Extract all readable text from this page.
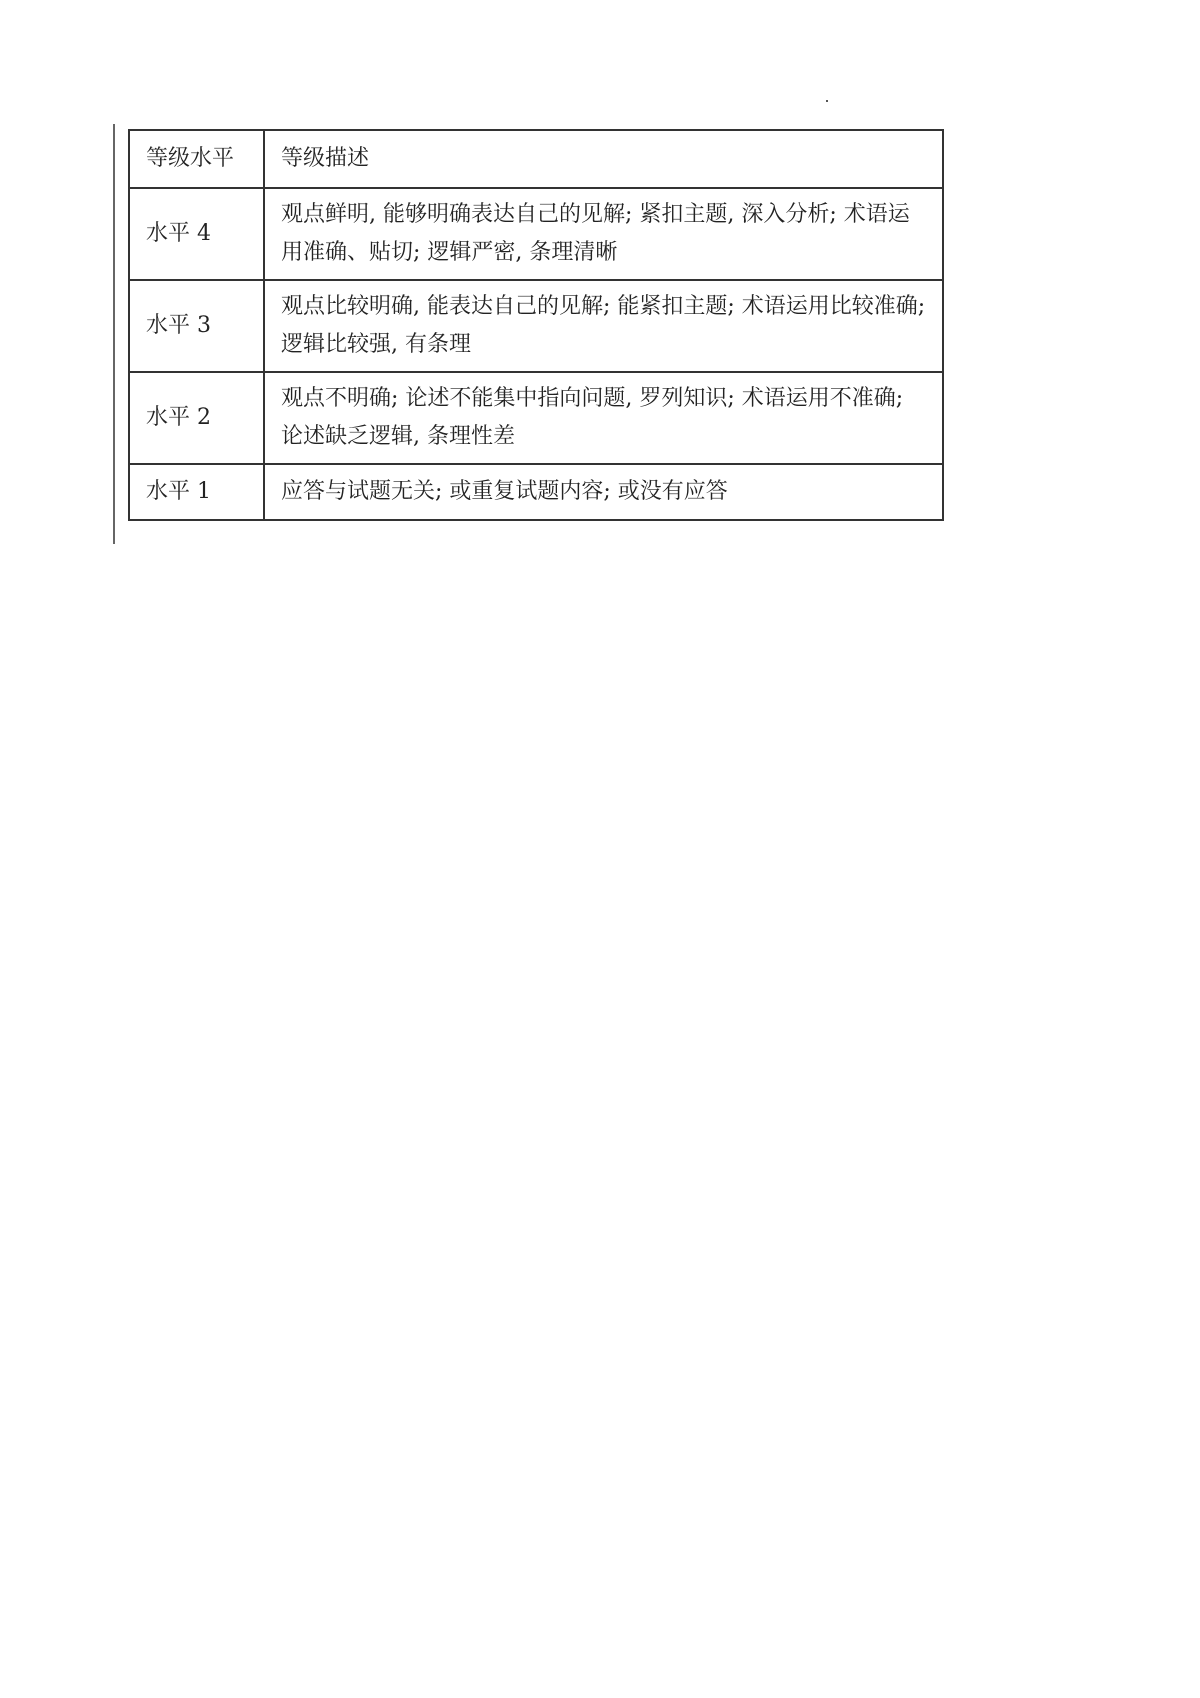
等级水平	等级描述
水平 4	观点鲜明, 能够明确表达自己的见解; 紧扣主题, 深入分析; 术语运用准确、贴切; 逻辑严密, 条理清晰
水平 3	观点比较明确, 能表达自己的见解; 能紧扣主题; 术语运用比较准确; 逻辑比较强, 有条理
水平 2	观点不明确; 论述不能集中指向问题, 罗列知识; 术语运用不准确; 论述缺乏逻辑, 条理性差
水平 1	应答与试题无关; 或重复试题内容; 或没有应答
